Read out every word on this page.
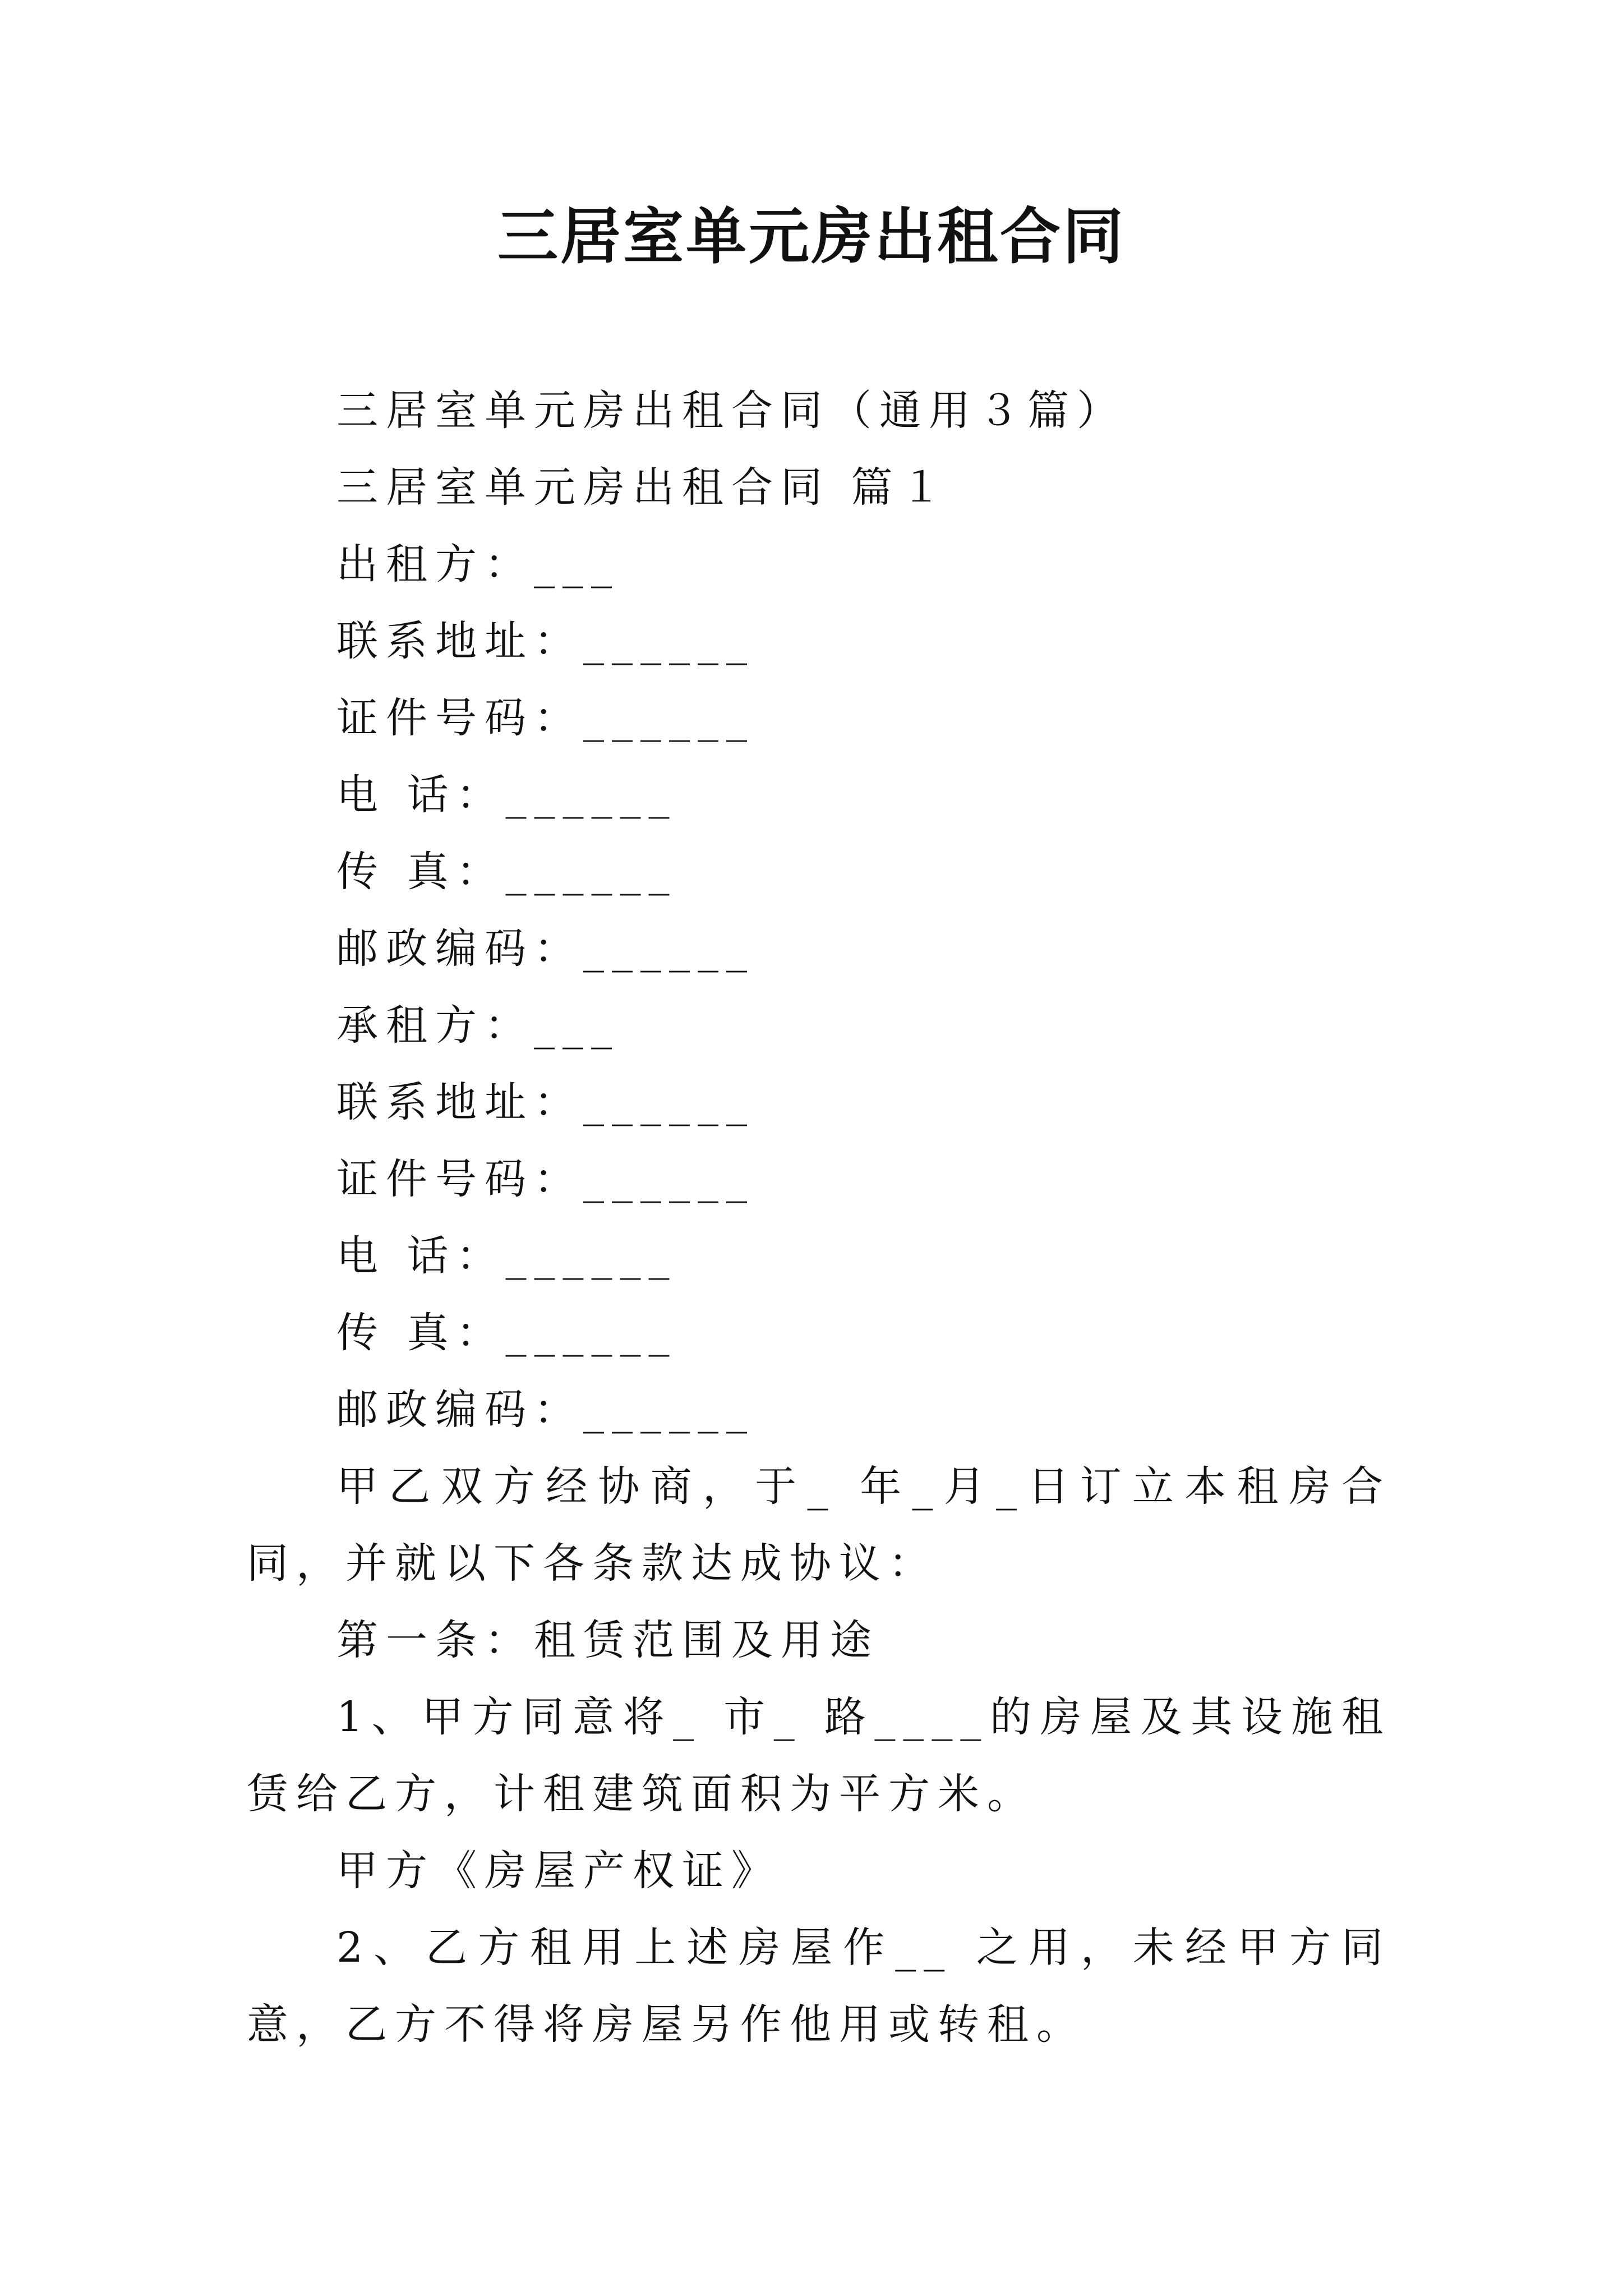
三居室单元房出租合同
三居室单元房出租合同（通用３篇）
三居室单元房出租合同 篇１
出租方：___
联系地址：______
证件号码：______
电 话：______
传 真：______
邮政编码：______
承租方：___
联系地址：______
证件号码：______
电 话：______
传 真：______
邮政编码：______
甲乙双方经协商，于_ 年_月_日订立本租房合同，并就以下各条款达成协议：
第一条：租赁范围及用途
1、甲方同意将_ 市_ 路____的房屋及其设施租赁给乙方，计租建筑面积为平方米。
甲方《房屋产权证》
2、乙方租用上述房屋作__ 之用，未经甲方同意，乙方不得将房屋另作他用或转租。
